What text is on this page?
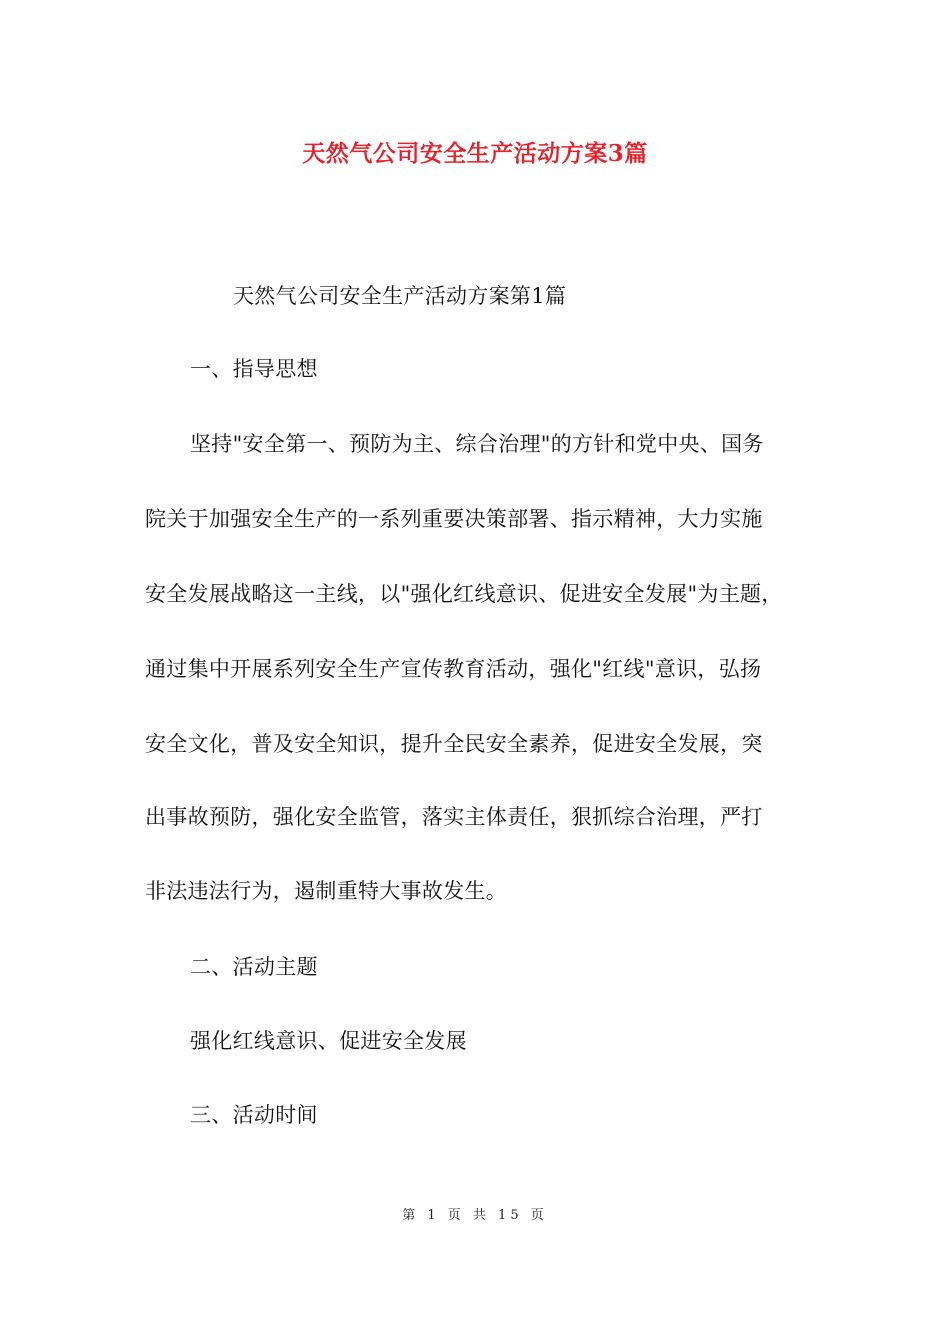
天然气公司安全生产活动方案3篇
天然气公司安全生产活动方案第1篇
一、指导思想
坚持"安全第一、预防为主、综合治理"的方针和党中央、国务
院关于加强安全生产的一系列重要决策部署、指示精神，大力实施
安全发展战略这一主线，以"强化红线意识、促进安全发展"为主题，
通过集中开展系列安全生产宣传教育活动，强化"红线"意识，弘扬
安全文化，普及安全知识，提升全民安全素养，促进安全发展，突
出事故预防，强化安全监管，落实主体责任，狠抓综合治理，严打
非法违法行为，遏制重特大事故发生。
二、活动主题
强化红线意识、促进安全发展
三、活动时间
第 1 页 共 15 页
